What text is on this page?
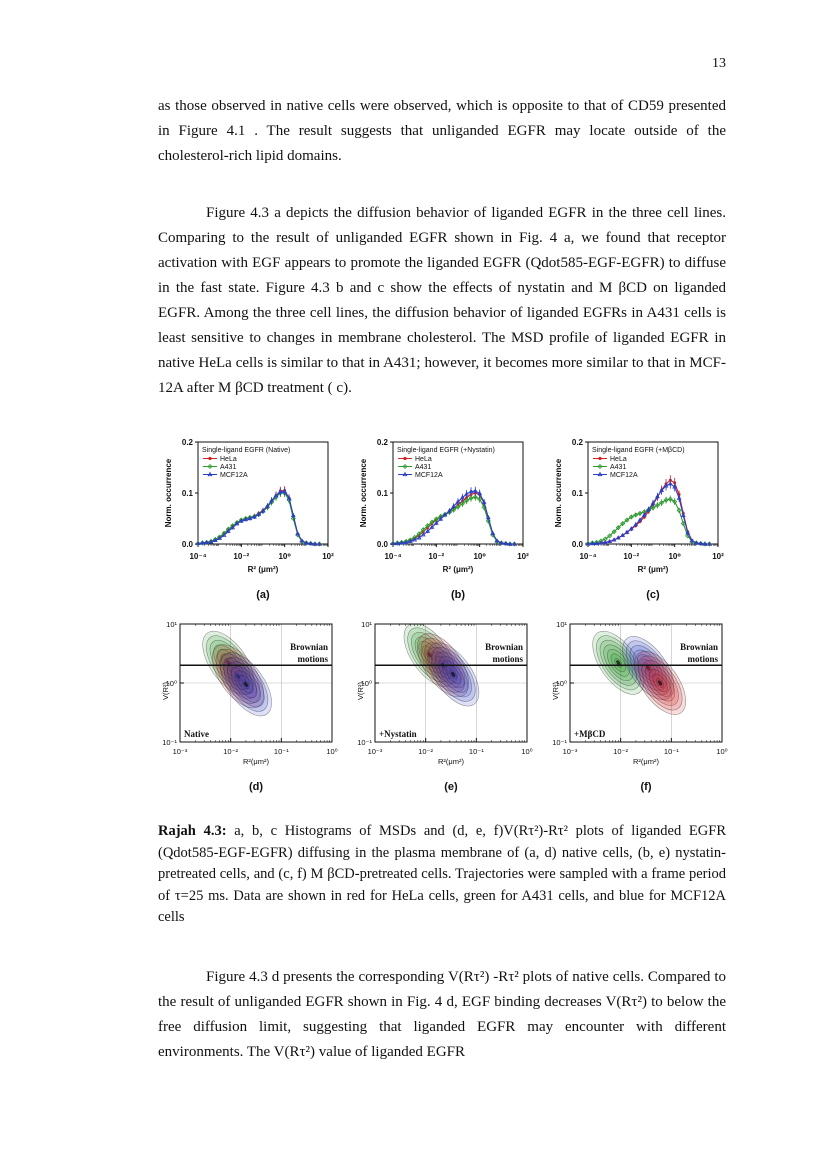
13

as those observed in native cells were observed, which is opposite to that of CD59 presented in Figure 4.1 . The result suggests that unliganded EGFR may locate outside of the cholesterol-rich lipid domains.

Figure 4.3 a depicts the diffusion behavior of liganded EGFR in the three cell lines. Comparing to the result of unliganded EGFR shown in Fig. 4 a, we found that receptor activation with EGF appears to promote the liganded EGFR (Qdot585-EGF-EGFR) to diffuse in the fast state. Figure 4.3 b and c show the effects of nystatin and M βCD on liganded EGFR. Among the three cell lines, the diffusion behavior of liganded EGFRs in A431 cells is least sensitive to changes in membrane cholesterol. The MSD profile of liganded EGFR in native HeLa cells is similar to that in A431; however, it becomes more similar to that in MCF-12A after M βCD treatment ( c).

0.0
0.1
0.2
10⁻⁴	10⁻²	10⁰	10²
R² (μm²)
Norm. occurrence
Single-ligand EGFR (Native)
HeLa
A431
MCF12A
0.0
0.1
0.2
10⁻⁴	10⁻²	10⁰	10²
R² (μm²)
Norm. occurrence
Single-ligand EGFR (+Nystatin)
HeLa
A431
MCF12A
0.0
0.1
0.2
10⁻⁴	10⁻²	10⁰	10²
R² (μm²)
Norm. occurrence
Single-ligand EGFR (+MβCD)
HeLa
A431
MCF12A
(a)	(b)	(c)
Brownian
motions
Native
10⁻³	10⁻²	10⁻¹	10⁰
10⁻¹
10⁰
10¹
R²(μm²)
V(R²)
Brownian
motions
+Nystatin
10⁻³	10⁻²	10⁻¹	10⁰
10⁻¹
10⁰
10¹
R²(μm²)
V(R²)
Brownian
motions
+MβCD
10⁻³	10⁻²	10⁻¹	10⁰
10⁻¹
10⁰
10¹
R²(μm²)
V(R²)
(d)	(e)	(f)

Rajah 4.3: a, b, c Histograms of MSDs and (d, e, f)V(Rτ²)-Rτ² plots of liganded EGFR (Qdot585-EGF-EGFR) diffusing in the plasma membrane of (a, d) native cells, (b, e) nystatin-pretreated cells, and (c, f) M βCD-pretreated cells. Trajectories were sampled with a frame period of τ=25 ms. Data are shown in red for HeLa cells, green for A431 cells, and blue for MCF12A cells

Figure 4.3 d presents the corresponding V(Rτ²) -Rτ² plots of native cells. Compared to the result of unliganded EGFR shown in Fig. 4 d, EGF binding decreases V(Rτ²) to below the free diffusion limit, suggesting that liganded EGFR may encounter with different environments. The V(Rτ²) value of liganded EGFR
